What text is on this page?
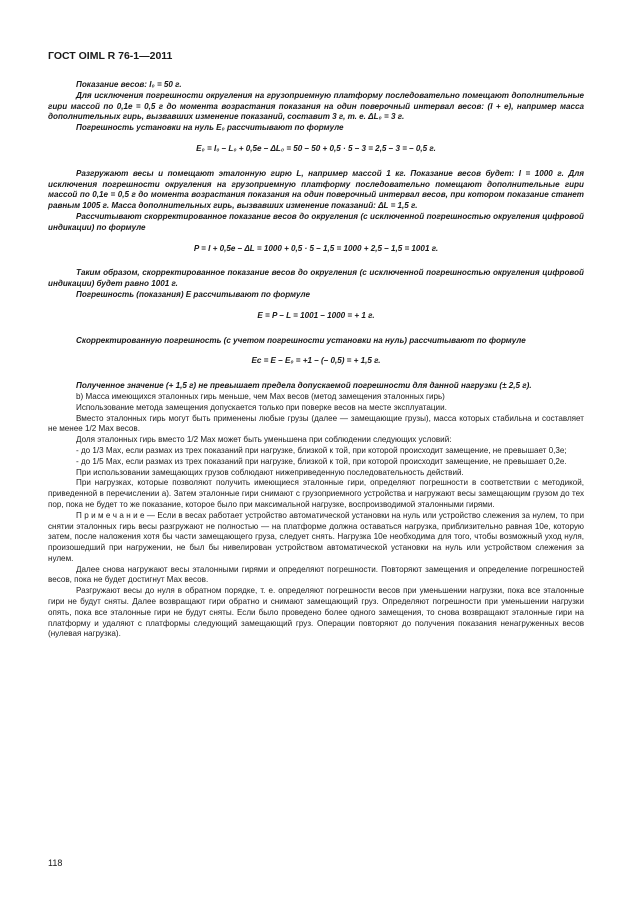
ГОСТ OIML R 76-1—2011

Показание весов: I₀ = 50 г.

Для исключения погрешности округления на грузоприемную платформу последовательно помещают дополнительные гири массой по 0,1e = 0,5 г до момента возрастания показания на один поверочный интервал весов: (I + e), например масса дополнительных гирь, вызвавших изменение показаний, составит 3 г, т. е. ΔL₀ = 3 г.

Погрешность установки на нуль E₀ рассчитывают по формуле

E₀ = I₀ – L₀ + 0,5e – ΔL₀ = 50 – 50 + 0,5 · 5 – 3 = 2,5 – 3 = – 0,5 г.

Разгружают весы и помещают эталонную гирю L, например массой 1 кг. Показание весов будет: I = 1000 г. Для исключения погрешности округления на грузоприемную платформу последовательно помещают дополнительные гири массой по 0,1e = 0,5 г до момента возрастания показания на один поверочный интервал весов, при котором показание станет равным 1005 г. Масса дополнительных гирь, вызвавших изменение показаний: ΔL = 1,5 г.

Рассчитывают скорректированное показание весов до округления (с исключенной погрешностью округления цифровой индикации) по формуле

P = I + 0,5e – ΔL = 1000 + 0,5 · 5 – 1,5 = 1000 + 2,5 – 1,5 = 1001 г.

Таким образом, скорректированное показание весов до округления (с исключенной погрешностью округления цифровой индикации) будет равно 1001 г.

Погрешность (показания) E рассчитывают по формуле

E = P – L = 1001 – 1000 = + 1 г.

Скорректированную погрешность (с учетом погрешности установки на нуль) рассчитывают по формуле

Ec = E – E₀ = +1 – (– 0,5) = + 1,5 г.

Полученное значение (+ 1,5 г) не превышает предела допускаемой погрешности для данной нагрузки (± 2,5 г).

b) Масса имеющихся эталонных гирь меньше, чем Max весов (метод замещения эталонных гирь)

Использование метода замещения допускается только при поверке весов на месте эксплуатации.

Вместо эталонных гирь могут быть применены любые грузы (далее — замещающие грузы), масса которых стабильна и составляет не менее 1/2 Max весов.

Доля эталонных гирь вместо 1/2 Max может быть уменьшена при соблюдении следующих условий:

- до 1/3 Max, если размах из трех показаний при нагрузке, близкой к той, при которой происходит замещение, не превышает 0,3e;

- до 1/5 Max, если размах из трех показаний при нагрузке, близкой к той, при которой происходит замещение, не превышает 0,2e.

При использовании замещающих грузов соблюдают нижеприведенную последовательность действий.

При нагрузках, которые позволяют получить имеющиеся эталонные гири, определяют погрешности в соответствии с методикой, приведенной в перечислении а). Затем эталонные гири снимают с грузоприемного устройства и нагружают весы замещающим грузом до тех пор, пока не будет то же показание, которое было при максимальной нагрузке, воспроизводимой эталонными гирями.

П р и м е ч а н и е — Если в весах работает устройство автоматической установки на нуль или устройство слежения за нулем, то при снятии эталонных гирь весы разгружают не полностью — на платформе должна оставаться нагрузка, приблизительно равная 10e, которую затем, после наложения хотя бы части замещающего груза, следует снять. Нагрузка 10e необходима для того, чтобы возможный уход нуля, произошедший при нагружении, не был бы нивелирован устройством автоматической установки на нуль или устройством слежения за нулем.

Далее снова нагружают весы эталонными гирями и определяют погрешности. Повторяют замещения и определение погрешностей весов, пока не будет достигнут Max весов.

Разгружают весы до нуля в обратном порядке, т. е. определяют погрешности весов при уменьшении нагрузки, пока все эталонные гири не будут сняты. Далее возвращают гири обратно и снимают замещающий груз. Определяют погрешности при уменьшении нагрузки опять, пока все эталонные гири не будут сняты. Если было проведено более одного замещения, то снова возвращают эталонные гири на платформу и удаляют с платформы следующий замещающий груз. Операции повторяют до получения показания ненагруженных весов (нулевая нагрузка).

118
